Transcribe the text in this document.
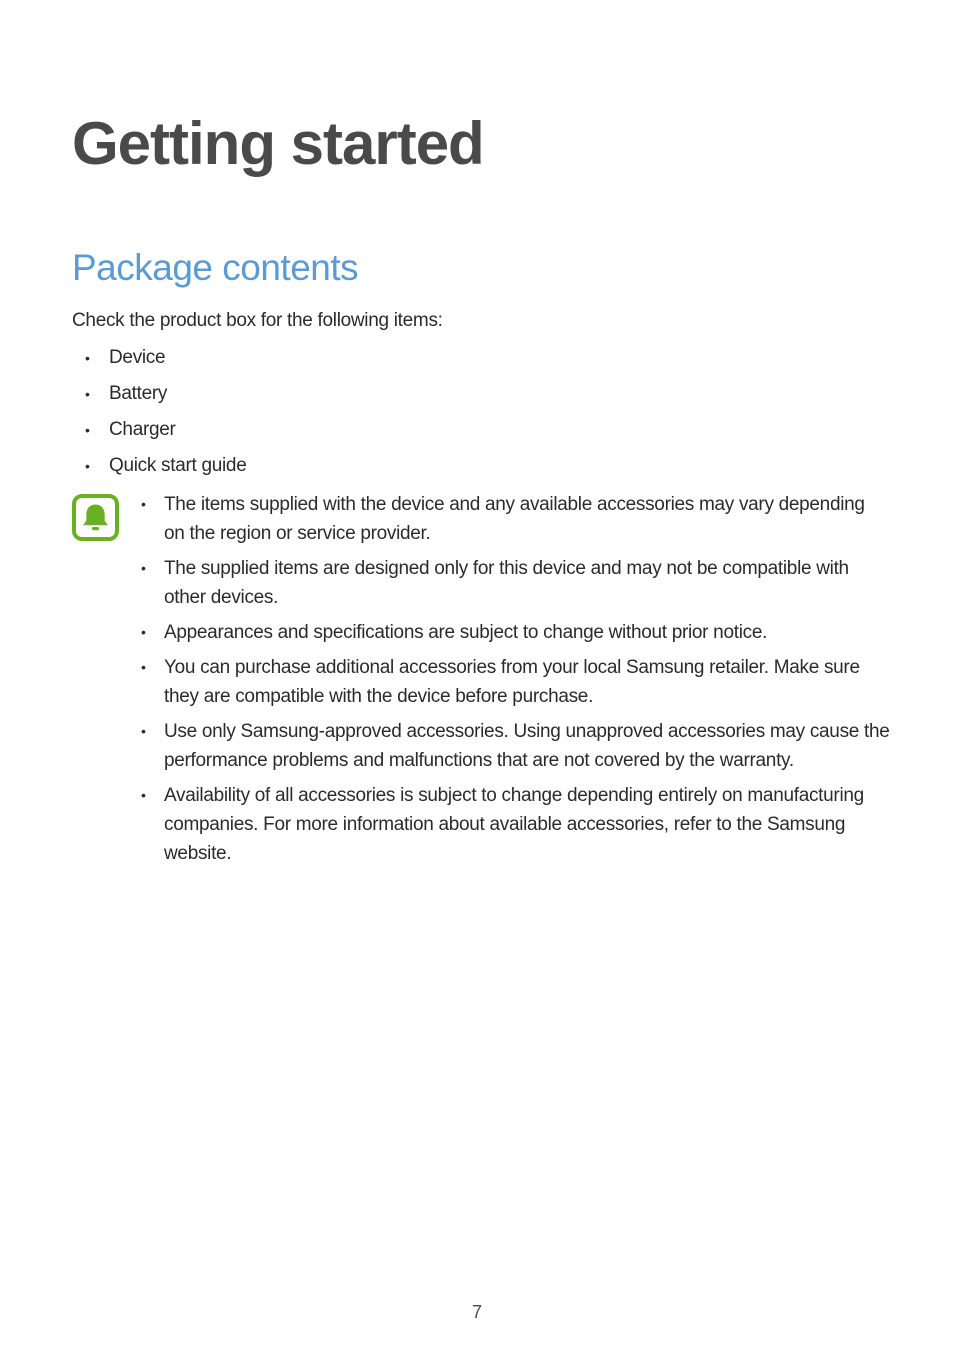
Getting started
Package contents

Check the product box for the following items:

• Device
• Battery
• Charger
• Quick start guide
• The items supplied with the device and any available accessories may vary depending on the region or service provider.
• The supplied items are designed only for this device and may not be compatible with other devices.
• Appearances and specifications are subject to change without prior notice.
• You can purchase additional accessories from your local Samsung retailer. Make sure they are compatible with the device before purchase.
• Use only Samsung-approved accessories. Using unapproved accessories may cause the performance problems and malfunctions that are not covered by the warranty.
• Availability of all accessories is subject to change depending entirely on manufacturing companies. For more information about available accessories, refer to the Samsung website.
7
